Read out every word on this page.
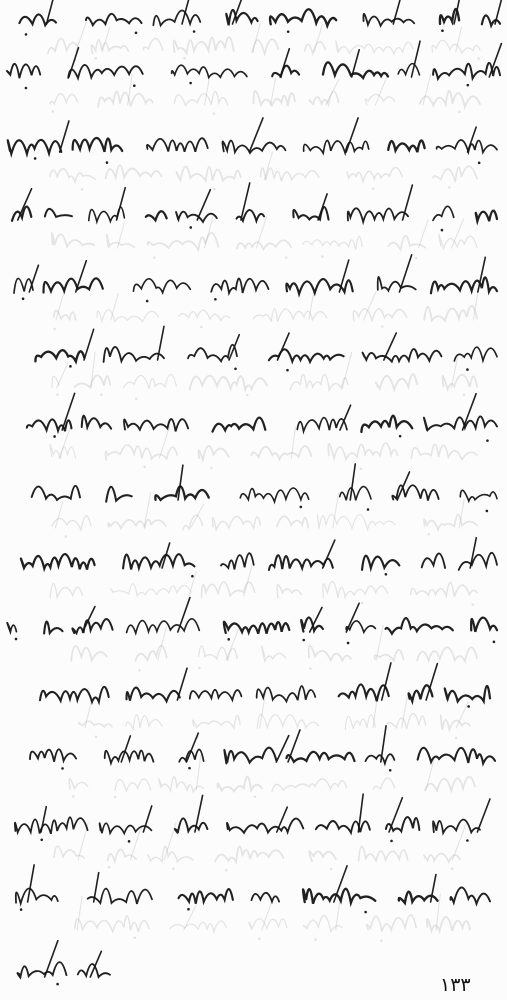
۱۳۳
